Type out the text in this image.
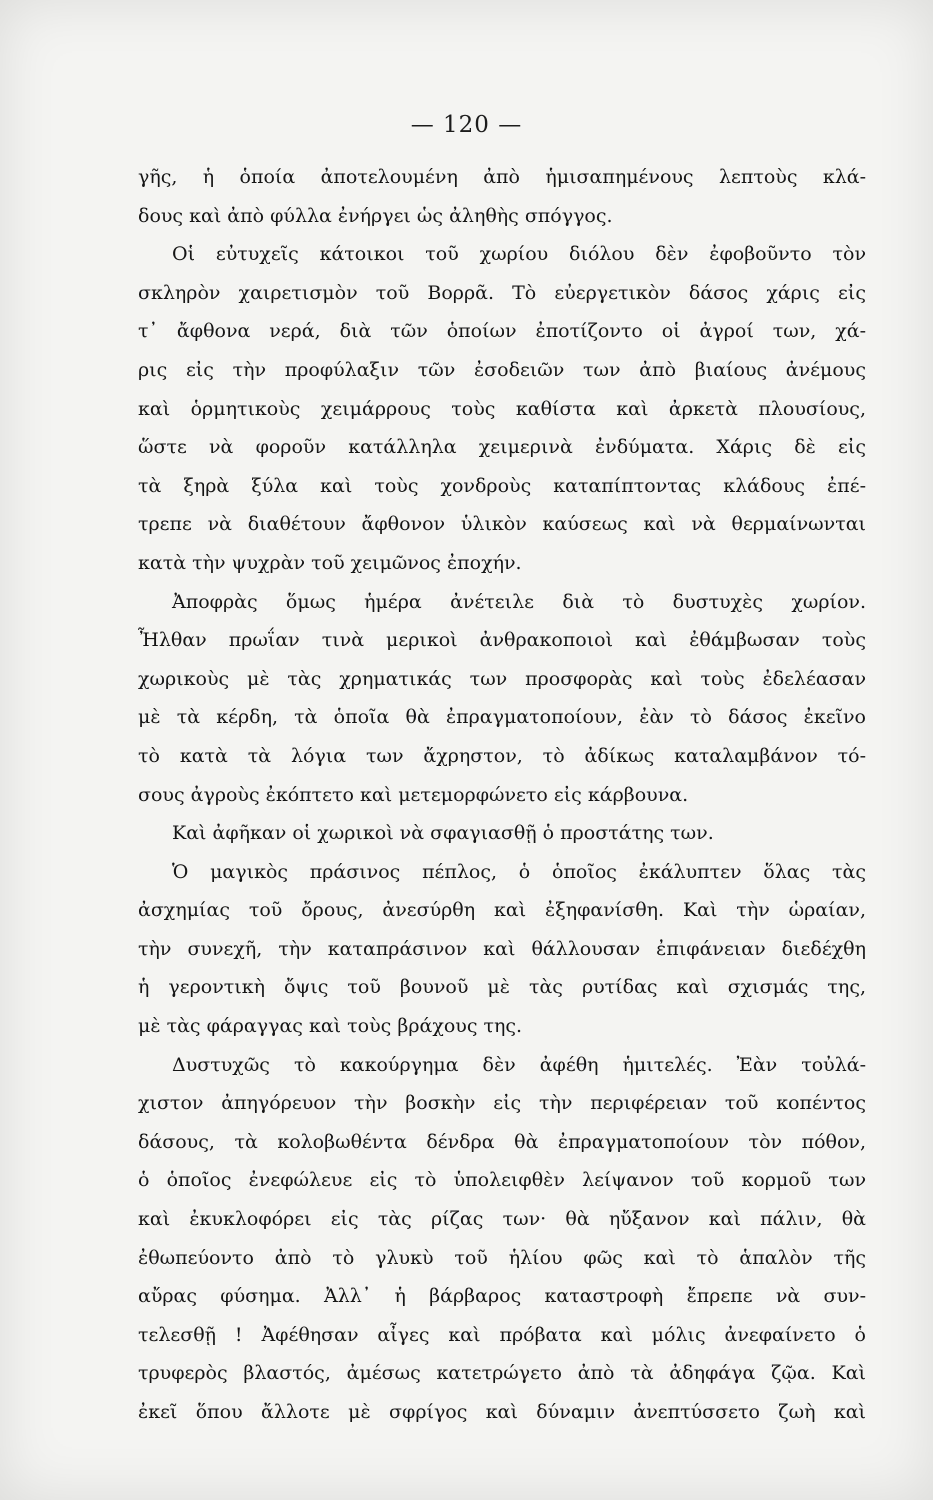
— 120 —
γῆς, ἡ ὁποία ἀποτελουμένη ἀπὸ ἡμισαπημένους λεπτοὺς κλά-
δους καὶ ἀπὸ φύλλα ἐνήργει ὡς ἀληθὴς σπόγγος.
Οἱ εὐτυχεῖς κάτοικοι τοῦ χωρίου διόλου δὲν ἐφοβοῦντο τὸν
σκληρὸν χαιρετισμὸν τοῦ Βορρᾶ. Τὸ εὐεργετικὸν δάσος χάρις εἰς
τ᾿ ἄφθονα νερά, διὰ τῶν ὁποίων ἐποτίζοντο οἱ ἀγροί των, χά-
ρις εἰς τὴν προφύλαξιν τῶν ἐσοδειῶν των ἀπὸ βιαίους ἀνέμους
καὶ ὁρμητικοὺς χειμάρρους τοὺς καθίστα καὶ ἀρκετὰ πλουσίους,
ὥστε νὰ φοροῦν κατάλληλα χειμερινὰ ἐνδύματα. Χάρις δὲ εἰς
τὰ ξηρὰ ξύλα καὶ τοὺς χονδροὺς καταπίπτοντας κλάδους ἐπέ-
τρεπε νὰ διαθέτουν ἄφθονον ὑλικὸν καύσεως καὶ νὰ θερμαίνωνται
κατὰ τὴν ψυχρὰν τοῦ χειμῶνος ἐποχήν.
Ἀποφρὰς ὅμως ἡμέρα ἀνέτειλε διὰ τὸ δυστυχὲς χωρίον.
Ἦλθαν πρωΐαν τινὰ μερικοὶ ἀνθρακοποιοὶ καὶ ἐθάμβωσαν τοὺς
χωρικοὺς μὲ τὰς χρηματικάς των προσφορὰς καὶ τοὺς ἐδελέασαν
μὲ τὰ κέρδη, τὰ ὁποῖα θὰ ἐπραγματοποίουν, ἐὰν τὸ δάσος ἐκεῖνο
τὸ κατὰ τὰ λόγια των ἄχρηστον, τὸ ἀδίκως καταλαμβάνον τό-
σους ἀγροὺς ἐκόπτετο καὶ μετεμορφώνετο εἰς κάρβουνα.
Καὶ ἀφῆκαν οἱ χωρικοὶ νὰ σφαγιασθῇ ὁ προστάτης των.
Ὁ μαγικὸς πράσινος πέπλος, ὁ ὁποῖος ἐκάλυπτεν ὅλας τὰς
ἀσχημίας τοῦ ὄρους, ἀνεσύρθη καὶ ἐξηφανίσθη. Καὶ τὴν ὡραίαν,
τὴν συνεχῆ, τὴν καταπράσινον καὶ θάλλουσαν ἐπιφάνειαν διεδέχθη
ἡ γεροντικὴ ὄψις τοῦ βουνοῦ μὲ τὰς ρυτίδας καὶ σχισμάς της,
μὲ τὰς φάραγγας καὶ τοὺς βράχους της.
Δυστυχῶς τὸ κακούργημα δὲν ἀφέθη ἡμιτελές. Ἐὰν τοὐλά-
χιστον ἀπηγόρευον τὴν βοσκὴν εἰς τὴν περιφέρειαν τοῦ κοπέντος
δάσους, τὰ κολοβωθέντα δένδρα θὰ ἐπραγματοποίουν τὸν πόθον,
ὁ ὁποῖος ἐνεφώλευε εἰς τὸ ὑπολειφθὲν λείψανον τοῦ κορμοῦ των
καὶ ἐκυκλοφόρει εἰς τὰς ρίζας των· θὰ ηὔξανον καὶ πάλιν, θὰ
ἐθωπεύοντο ἀπὸ τὸ γλυκὺ τοῦ ἡλίου φῶς καὶ τὸ ἁπαλὸν τῆς
αὔρας φύσημα. Ἀλλ᾿ ἡ βάρβαρος καταστροφὴ ἔπρεπε νὰ συν-
τελεσθῇ ! Ἀφέθησαν αἶγες καὶ πρόβατα καὶ μόλις ἀνεφαίνετο ὁ
τρυφερὸς βλαστός, ἀμέσως κατετρώγετο ἀπὸ τὰ ἀδηφάγα ζῷα. Καὶ
ἐκεῖ ὅπου ἄλλοτε μὲ σφρίγος καὶ δύναμιν ἀνεπτύσσετο ζωὴ καὶ
